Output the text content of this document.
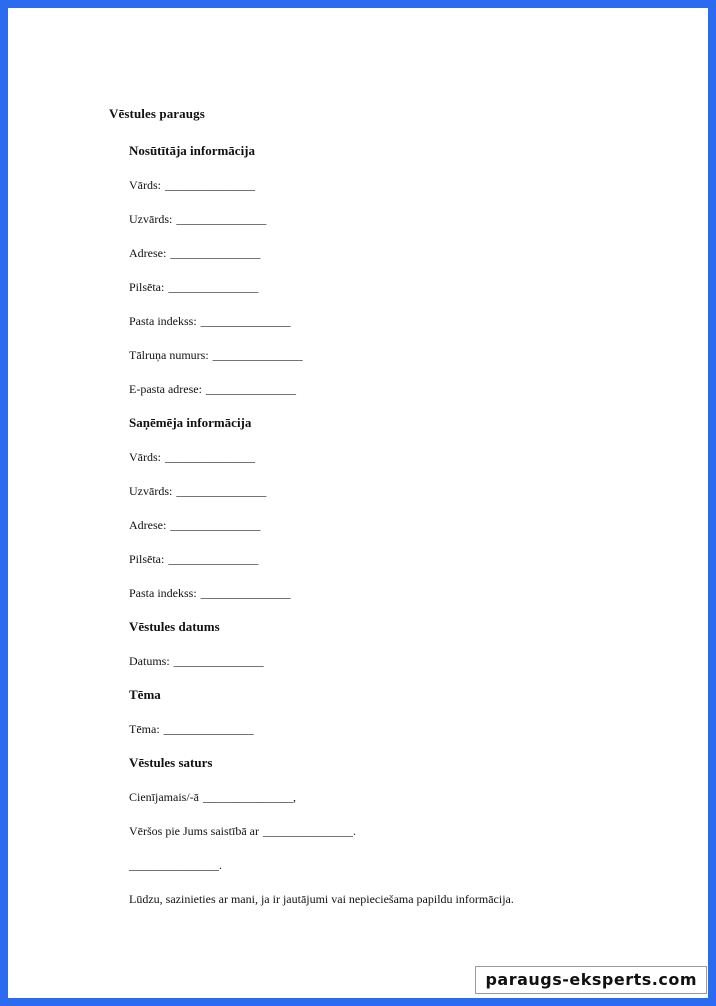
Vēstules paraugs
Nosūtītāja informācija
Vārds: _______________
Uzvārds: _______________
Adrese: _______________
Pilsēta: _______________
Pasta indekss: _______________
Tālruņa numurs: _______________
E-pasta adrese: _______________
Saņēmēja informācija
Vārds: _______________
Uzvārds: _______________
Adrese: _______________
Pilsēta: _______________
Pasta indekss: _______________
Vēstules datums
Datums: _______________
Tēma
Tēma: _______________
Vēstules saturs
Cienījamais/-ā _______________ ,
Vēršos pie Jums saistībā ar _______________ .
_______________ .
Lūdzu, sazinieties ar mani, ja ir jautājumi vai nepieciešama papildu informācija.
paraugs-eksperts.com
